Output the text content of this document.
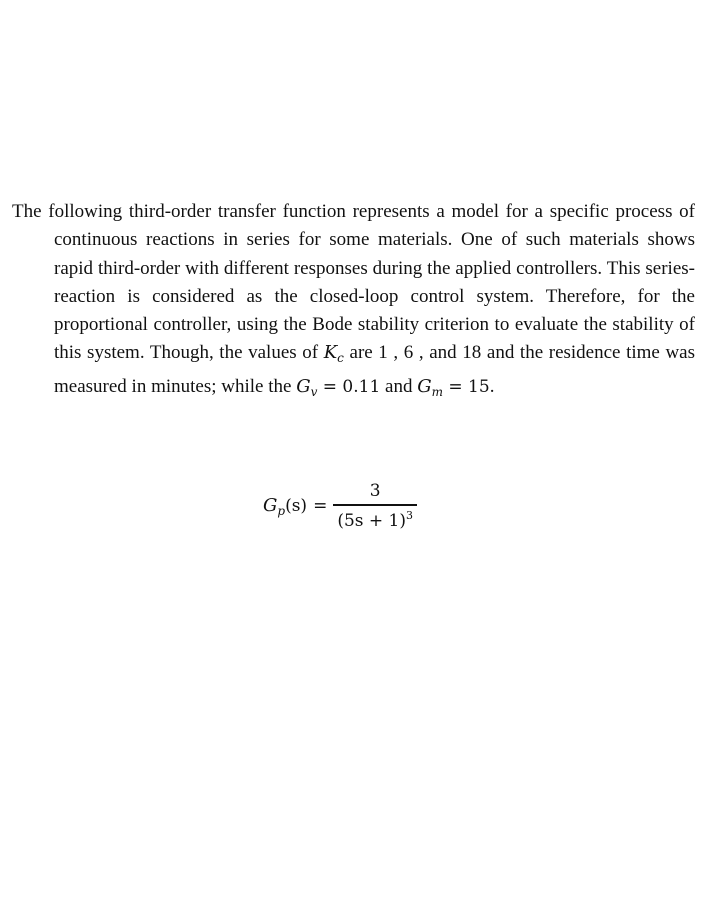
The following third-order transfer function represents a model for a specific process of continuous reactions in series for some materials. One of such materials shows rapid third-order with different responses during the applied controllers. This series-reaction is considered as the closed-loop control system. Therefore, for the proportional controller, using the Bode stability criterion to evaluate the stability of this system. Though, the values of $K_c$ are 1 , 6 , and 18 and the residence time was measured in minutes; while the $G_v = 0.11$ and $G_m = 15$.

$G_p(s) = \frac{3}{(5s + 1)^3}$
